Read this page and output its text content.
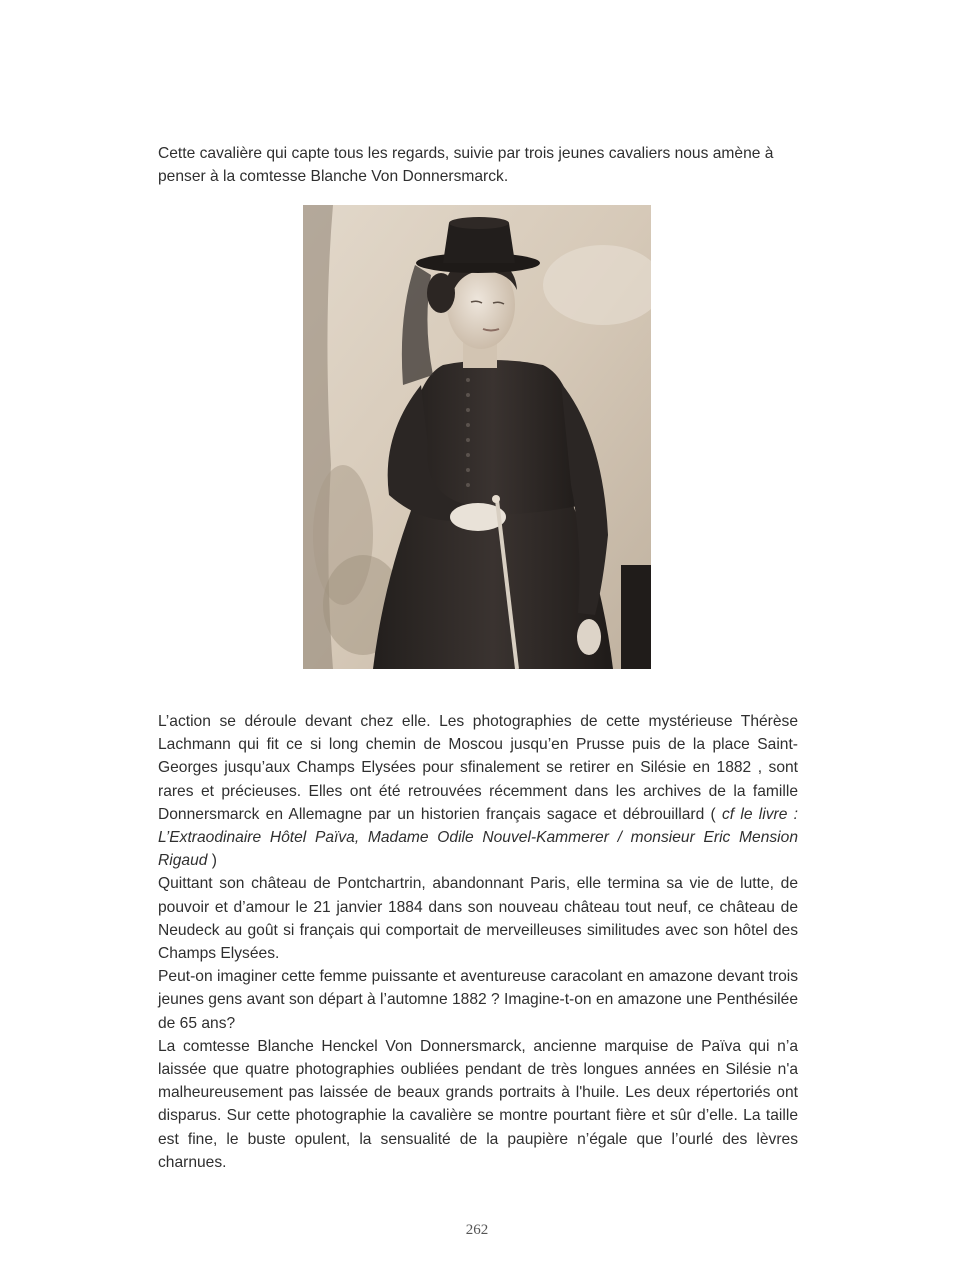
Cette cavalière qui capte tous les regards, suivie par trois jeunes cavaliers nous amène à penser à la comtesse Blanche Von Donnersmarck.

L’action se déroule devant chez elle. Les photographies de cette mystérieuse Thérèse Lachmann qui fit ce si long chemin de Moscou jusqu’en Prusse puis de la place Saint-Georges jusqu’aux Champs Elysées pour sfinalement se retirer en Silésie en 1882 , sont rares et précieuses. Elles ont été retrouvées récemment dans les archives de la famille Donnersmarck en Allemagne par un historien français sagace et débrouillard ( cf le livre : L’Extraodinaire Hôtel Païva, Madame Odile Nouvel-Kammerer / monsieur Eric Mension Rigaud )

Quittant son château de Pontchartrin, abandonnant Paris, elle termina sa vie de lutte, de pouvoir et d’amour le 21 janvier 1884 dans son nouveau château tout neuf, ce château de Neudeck au goût si français qui comportait de merveilleuses similitudes avec son hôtel des Champs Elysées.

Peut-on imaginer cette femme puissante et aventureuse caracolant en amazone devant trois jeunes gens avant son départ à l’automne 1882 ? Imagine-t-on en amazone une Penthésilée de 65 ans?

La comtesse Blanche Henckel Von Donnersmarck, ancienne marquise de Païva qui n’a laissée que quatre photographies oubliées pendant de très longues années en Silésie n'a malheureusement pas laissée de beaux grands portraits à l'huile. Les deux répertoriés ont disparus. Sur cette photographie la cavalière se montre pourtant fière et sûr d’elle. La taille est fine, le buste opulent, la sensualité de la paupière n’égale que l’ourlé des lèvres charnues.

262
